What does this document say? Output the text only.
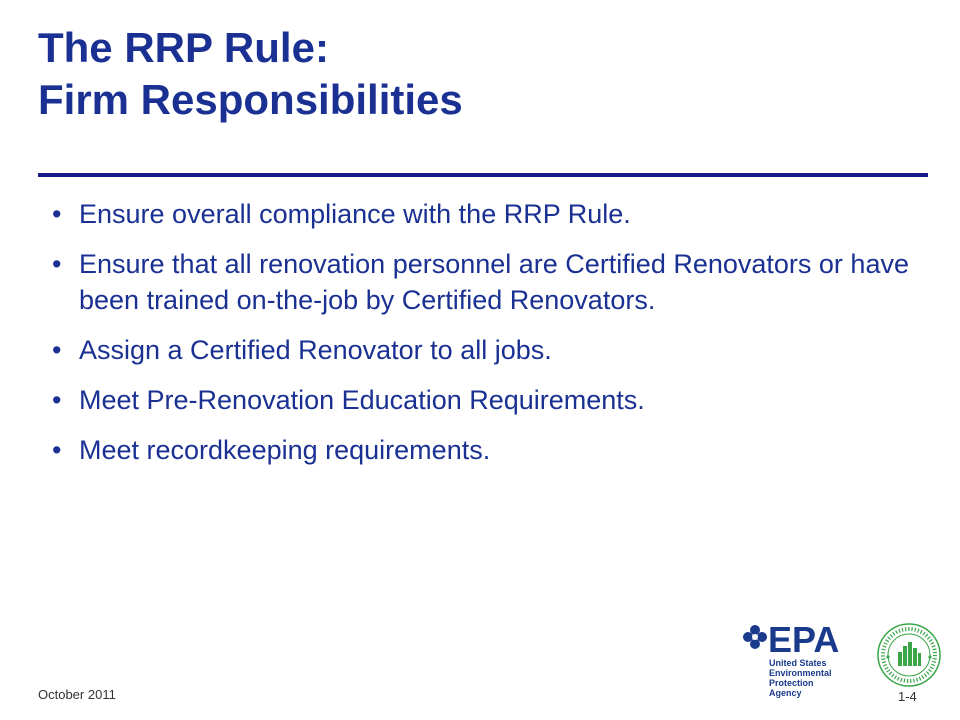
The RRP Rule:
Firm Responsibilities
• Ensure overall compliance with the RRP Rule.
• Ensure that all renovation personnel are Certified Renovators or have been trained on-the-job by Certified Renovators.
• Assign a Certified Renovator to all jobs.
• Meet Pre-Renovation Education Requirements.
• Meet recordkeeping requirements.
EPA
United States
Environmental Protection
Agency
October 2011	1-4
